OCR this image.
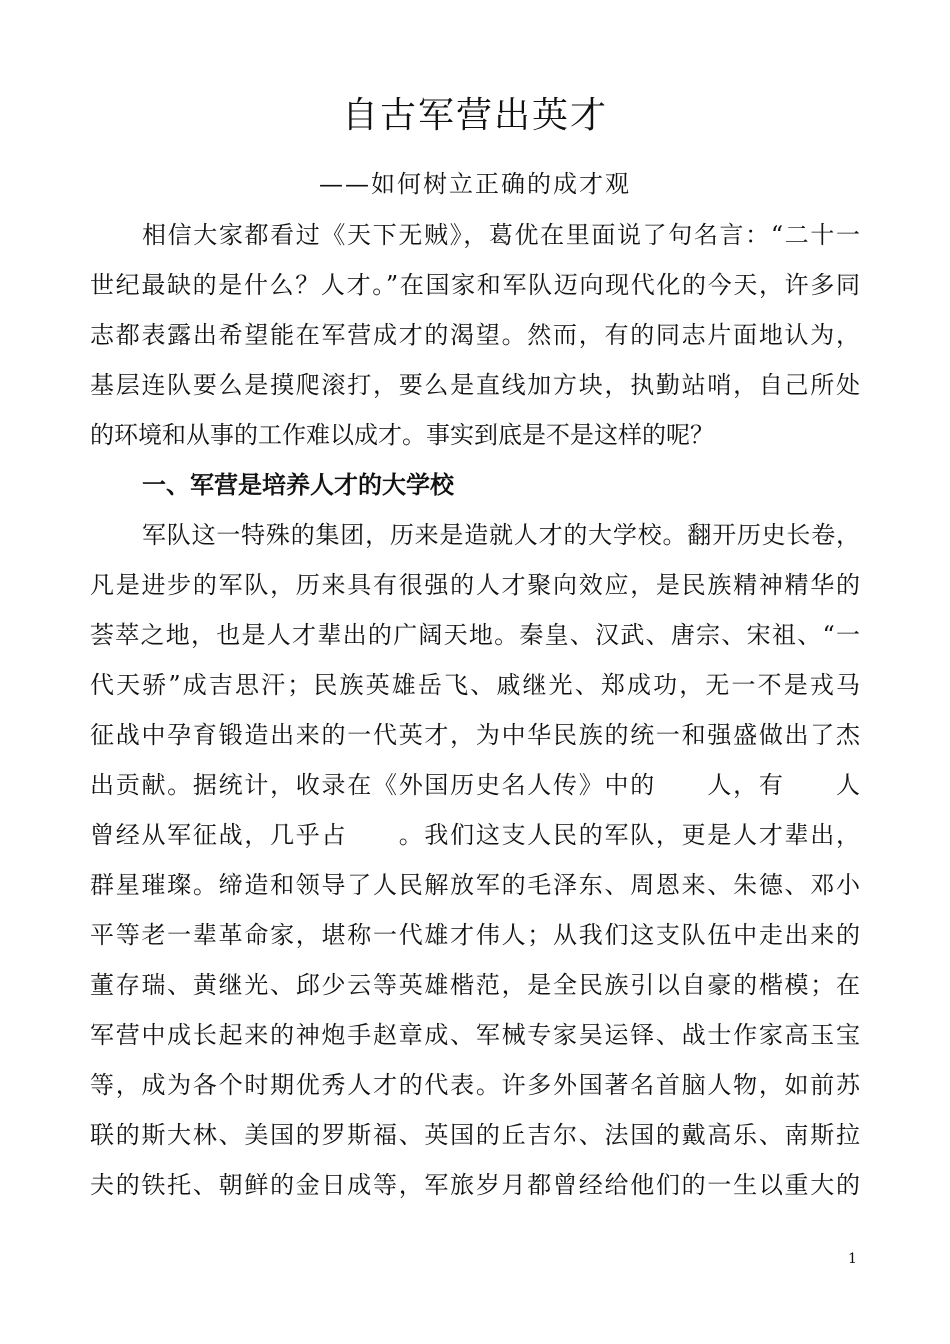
自古军营出英才

——如何树立正确的成才观

相信大家都看过《天下无贼》，葛优在里面说了句名言：“二十一
世纪最缺的是什么？人才。”在国家和军队迈向现代化的今天，许多同
志都表露出希望能在军营成才的渴望。然而，有的同志片面地认为，
基层连队要么是摸爬滚打，要么是直线加方块，执勤站哨，自己所处
的环境和从事的工作难以成才。事实到底是不是这样的呢？
一、军营是培养人才的大学校
军队这一特殊的集团，历来是造就人才的大学校。翻开历史长卷，
凡是进步的军队，历来具有很强的人才聚向效应，是民族精神精华的
荟萃之地，也是人才辈出的广阔天地。秦皇、汉武、唐宗、宋祖、“一
代天骄”成吉思汗；民族英雄岳飞、戚继光、郑成功，无一不是戎马
征战中孕育锻造出来的一代英才，为中华民族的统一和强盛做出了杰
出贡献。据统计，收录在《外国历史名人传》中的　　人，有　　人
曾经从军征战，几乎占　　。我们这支人民的军队，更是人才辈出，
群星璀璨。缔造和领导了人民解放军的毛泽东、周恩来、朱德、邓小
平等老一辈革命家，堪称一代雄才伟人；从我们这支队伍中走出来的
董存瑞、黄继光、邱少云等英雄楷范，是全民族引以自豪的楷模；在
军营中成长起来的神炮手赵章成、军械专家吴运铎、战士作家高玉宝
等，成为各个时期优秀人才的代表。许多外国著名首脑人物，如前苏
联的斯大林、美国的罗斯福、英国的丘吉尔、法国的戴高乐、南斯拉
夫的铁托、朝鲜的金日成等，军旅岁月都曾经给他们的一生以重大的
1
